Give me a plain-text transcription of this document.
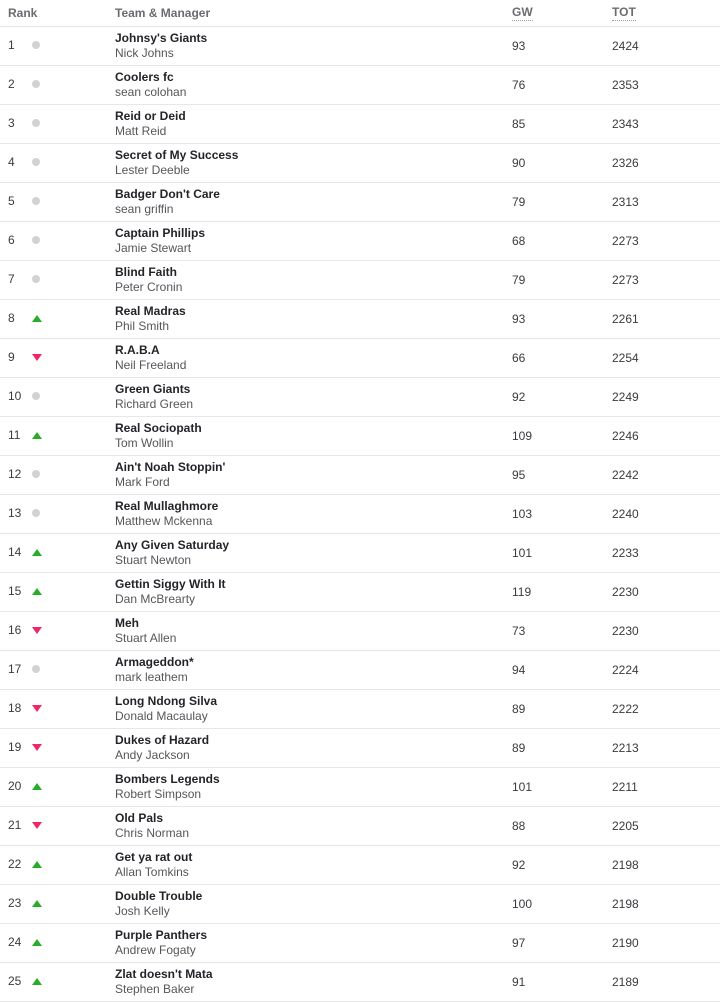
Rank	Team & Manager	GW	TOT
1	Johnsy's Giants
Nick Johns	93	2424
2	Coolers fc
sean colohan	76	2353
3	Reid or Deid
Matt Reid	85	2343
4	Secret of My Success
Lester Deeble	90	2326
5	Badger Don't Care
sean griffin	79	2313
6	Captain Phillips
Jamie Stewart	68	2273
7	Blind Faith
Peter Cronin	79	2273
8	Real Madras
Phil Smith	93	2261
9	R.A.B.A
Neil Freeland	66	2254
10	Green Giants
Richard Green	92	2249
11	Real Sociopath
Tom Wollin	109	2246
12	Ain't Noah Stoppin'
Mark Ford	95	2242
13	Real Mullaghmore
Matthew Mckenna	103	2240
14	Any Given Saturday
Stuart Newton	101	2233
15	Gettin Siggy With It
Dan McBrearty	119	2230
16	Meh
Stuart Allen	73	2230
17	Armageddon*
mark leathem	94	2224
18	Long Ndong Silva
Donald Macaulay	89	2222
19	Dukes of Hazard
Andy Jackson	89	2213
20	Bombers Legends
Robert Simpson	101	2211
21	Old Pals
Chris Norman	88	2205
22	Get ya rat out
Allan Tomkins	92	2198
23	Double Trouble
Josh Kelly	100	2198
24	Purple Panthers
Andrew Fogaty	97	2190
25	Zlat doesn't Mata
Stephen Baker	91	2189
